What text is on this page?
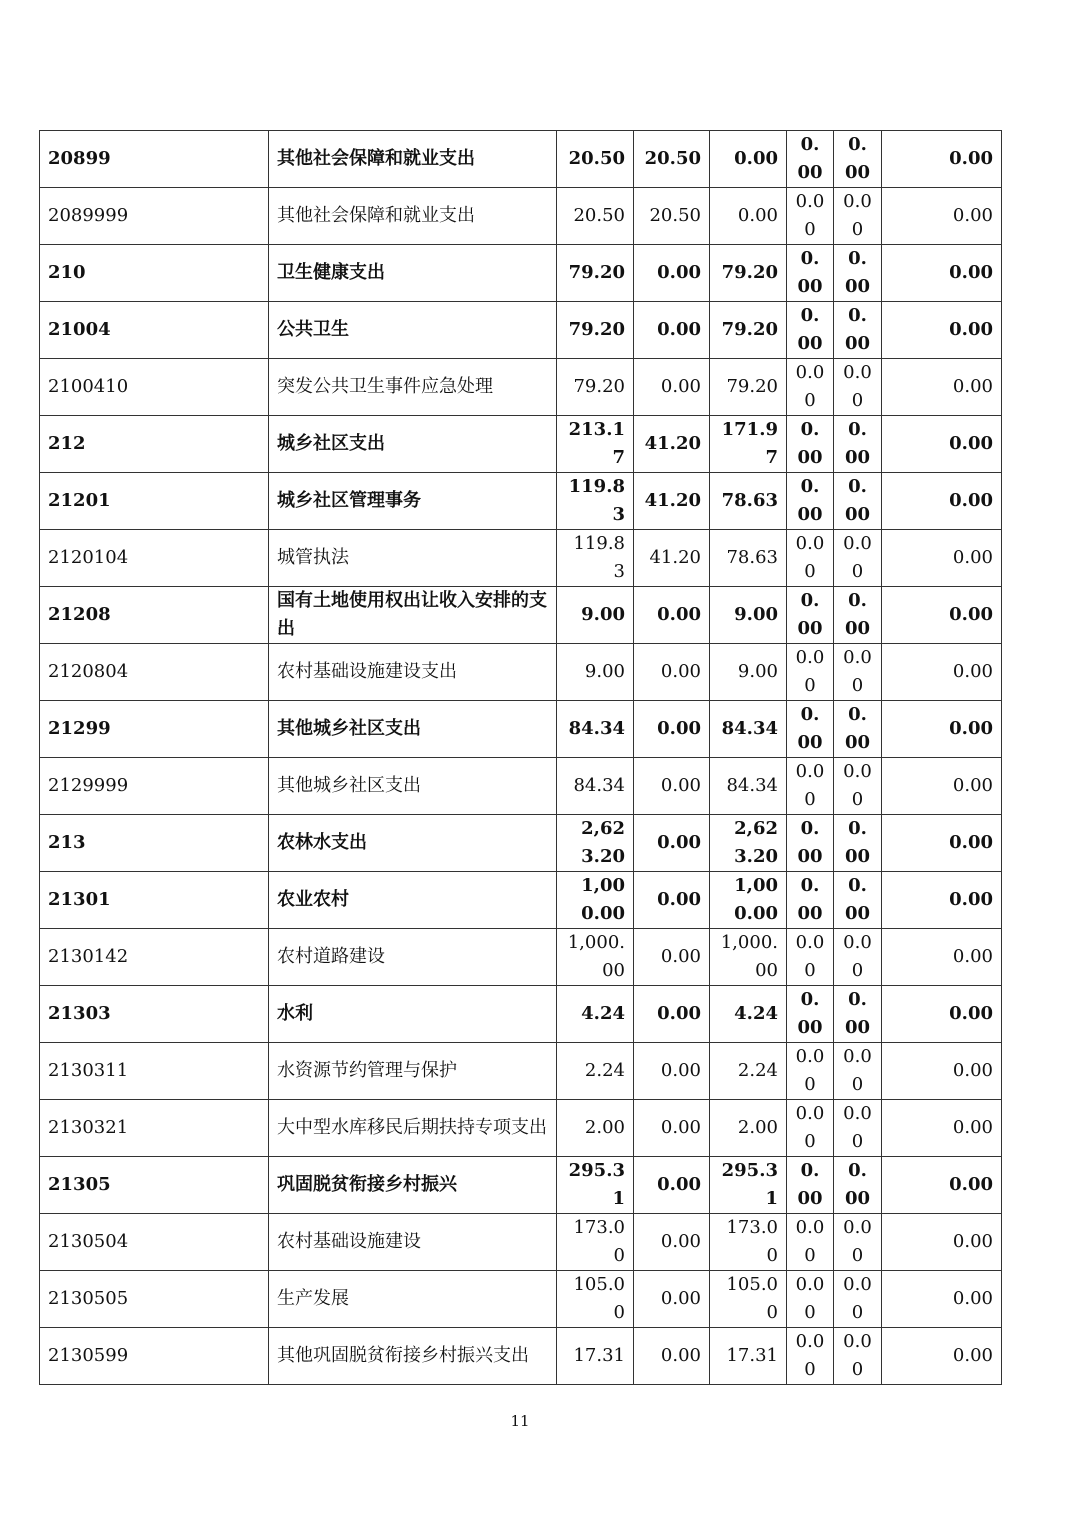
20899	其他社会保障和就业支出	20.50	20.50	0.00	0.00	0.00	0.00
2089999	其他社会保障和就业支出	20.50	20.50	0.00	0.00	0.00	0.00
210	卫生健康支出	79.20	0.00	79.20	0.00	0.00	0.00
21004	公共卫生	79.20	0.00	79.20	0.00	0.00	0.00
2100410	突发公共卫生事件应急处理	79.20	0.00	79.20	0.00	0.00	0.00
212	城乡社区支出	213.17	41.20	171.97	0.00	0.00	0.00
21201	城乡社区管理事务	119.83	41.20	78.63	0.00	0.00	0.00
2120104	城管执法	119.83	41.20	78.63	0.00	0.00	0.00
21208	国有土地使用权出让收入安排的支出	9.00	0.00	9.00	0.00	0.00	0.00
2120804	农村基础设施建设支出	9.00	0.00	9.00	0.00	0.00	0.00
21299	其他城乡社区支出	84.34	0.00	84.34	0.00	0.00	0.00
2129999	其他城乡社区支出	84.34	0.00	84.34	0.00	0.00	0.00
213	农林水支出	2,623.20	0.00	2,623.20	0.00	0.00	0.00
21301	农业农村	1,000.00	0.00	1,000.00	0.00	0.00	0.00
2130142	农村道路建设	1,000.00	0.00	1,000.00	0.00	0.00	0.00
21303	水利	4.24	0.00	4.24	0.00	0.00	0.00
2130311	水资源节约管理与保护	2.24	0.00	2.24	0.00	0.00	0.00
2130321	大中型水库移民后期扶持专项支出	2.00	0.00	2.00	0.00	0.00	0.00
21305	巩固脱贫衔接乡村振兴	295.31	0.00	295.31	0.00	0.00	0.00
2130504	农村基础设施建设	173.00	0.00	173.00	0.00	0.00	0.00
2130505	生产发展	105.00	0.00	105.00	0.00	0.00	0.00
2130599	其他巩固脱贫衔接乡村振兴支出	17.31	0.00	17.31	0.00	0.00	0.00
11
